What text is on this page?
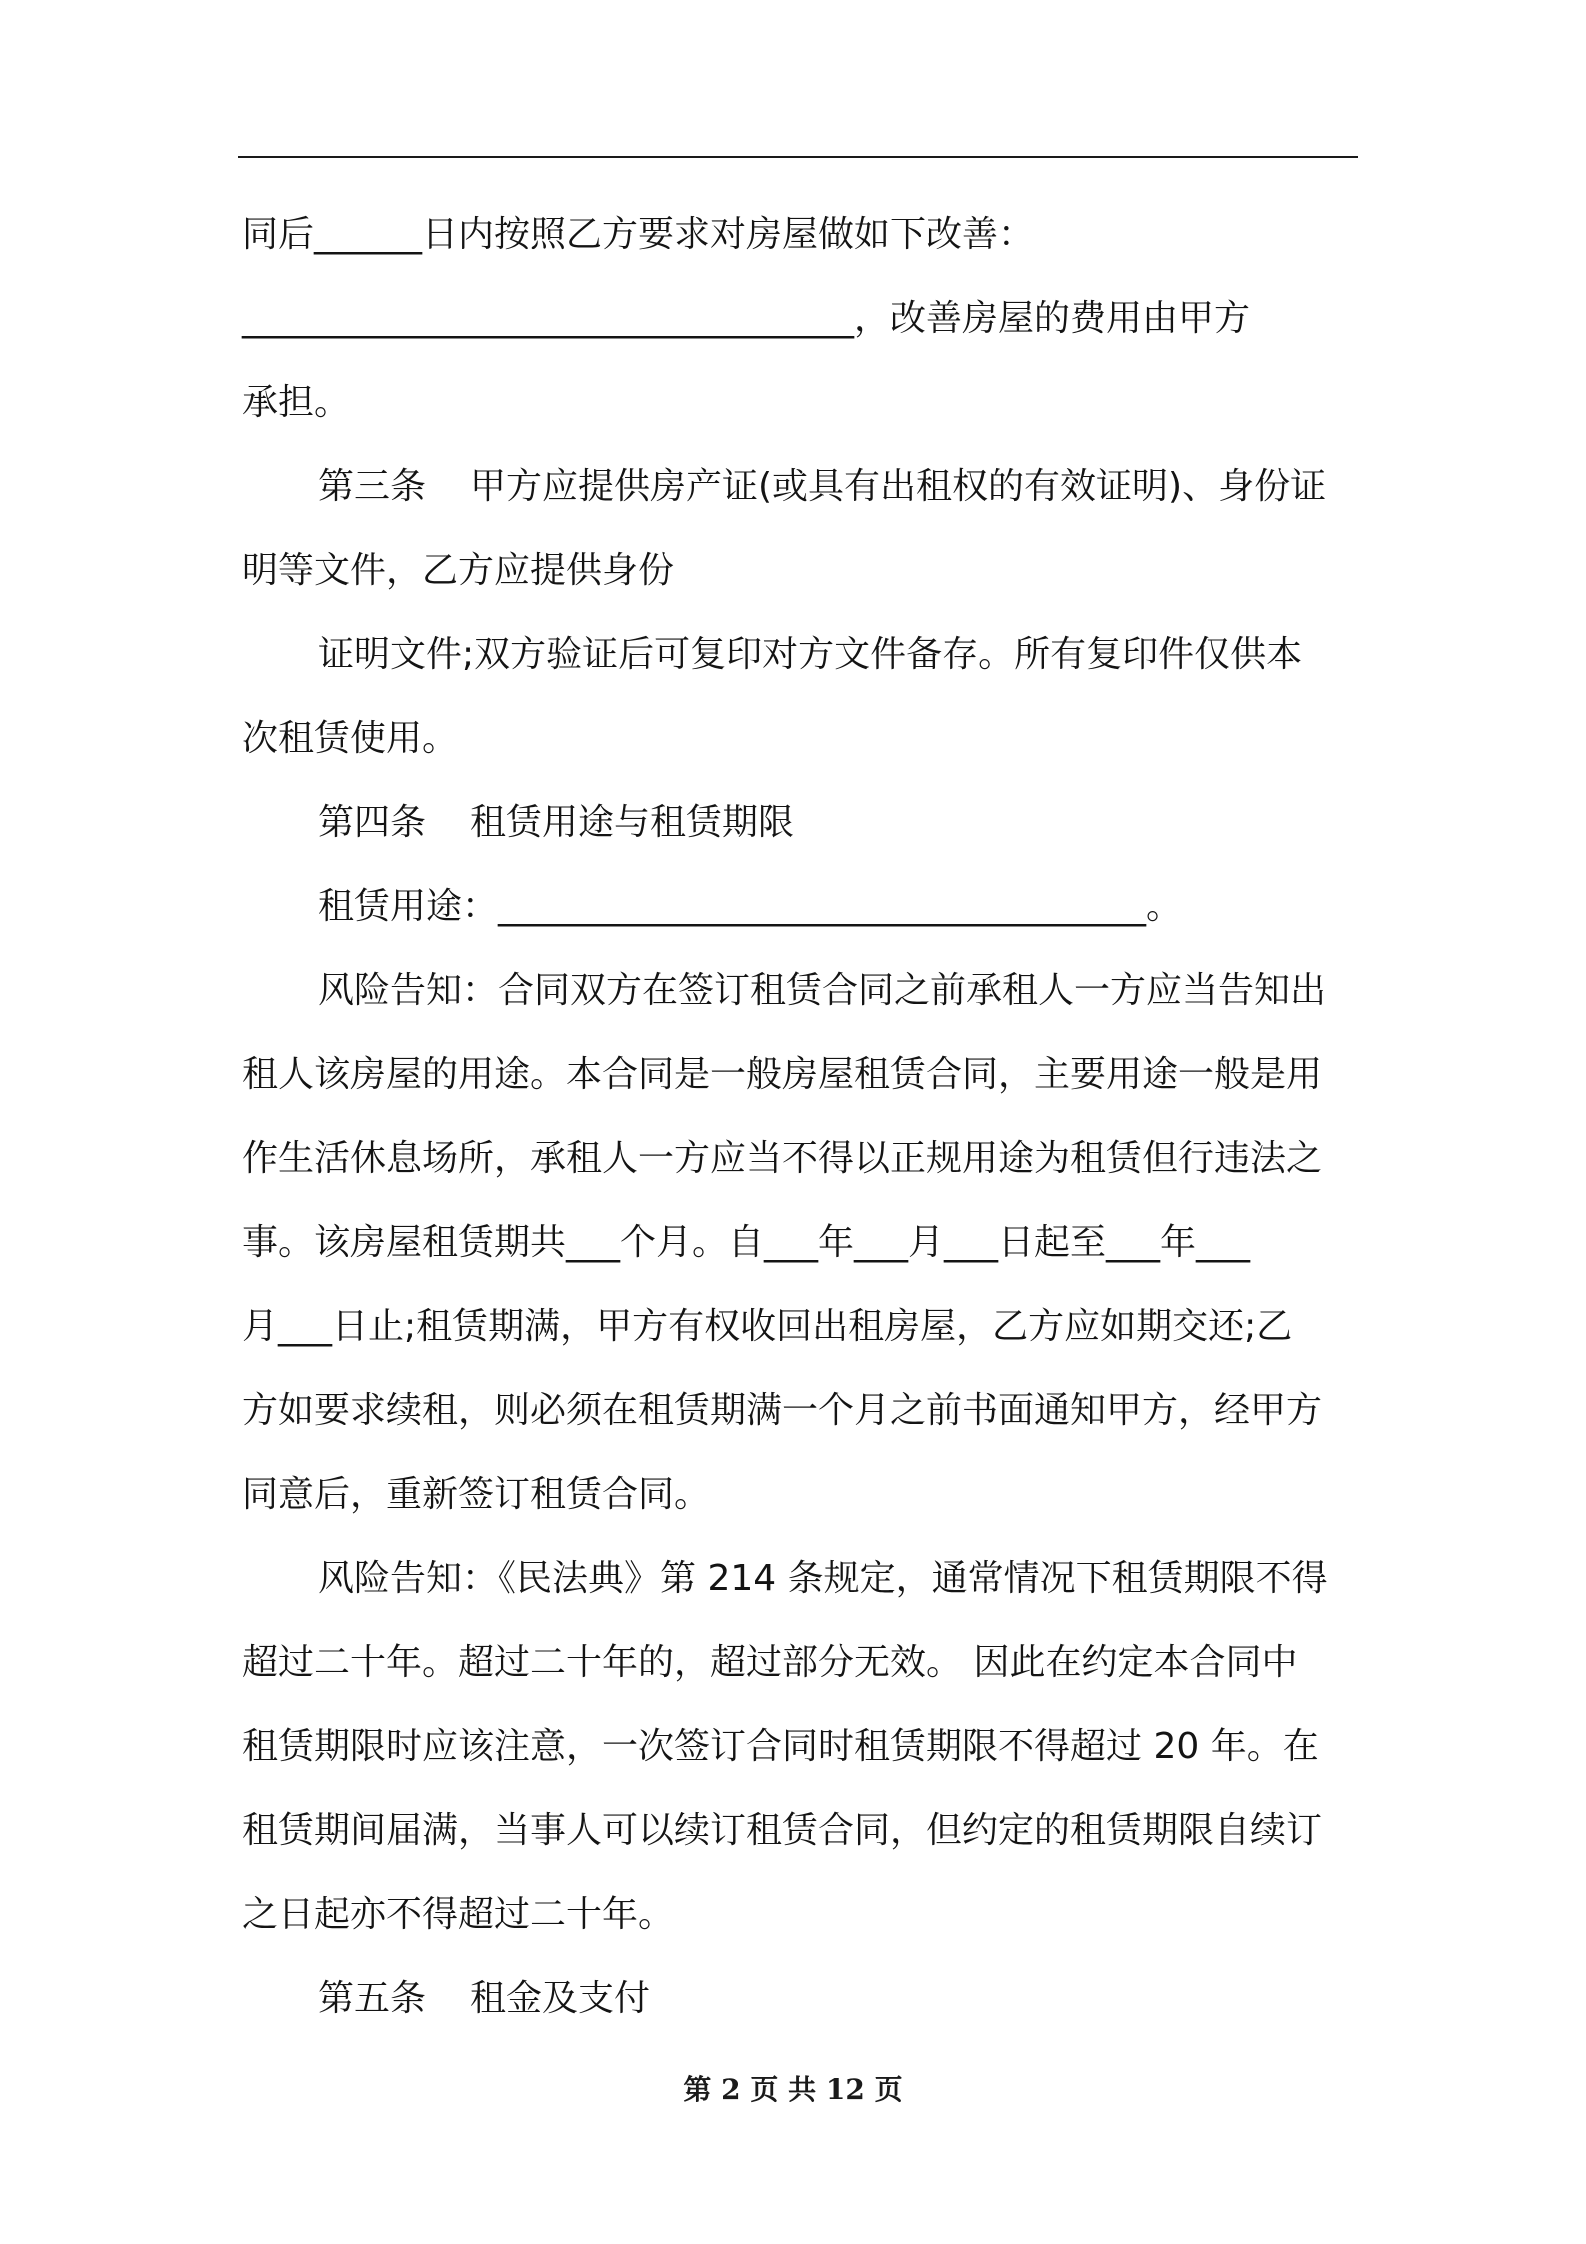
同后______日内按照乙方要求对房屋做如下改善：

__________________________________，改善房屋的费用由甲方

承担。

第三条 甲方应提供房产证(或具有出租权的有效证明)、身份证

明等文件，乙方应提供身份

证明文件;双方验证后可复印对方文件备存。所有复印件仅供本

次租赁使用。

第四条 租赁用途与租赁期限

租赁用途：____________________________________。

风险告知：合同双方在签订租赁合同之前承租人一方应当告知出

租人该房屋的用途。本合同是一般房屋租赁合同，主要用途一般是用

作生活休息场所，承租人一方应当不得以正规用途为租赁但行违法之

事。该房屋租赁期共___个月。自___年___月___日起至___年___

月___日止;租赁期满，甲方有权收回出租房屋，乙方应如期交还;乙

方如要求续租，则必须在租赁期满一个月之前书面通知甲方，经甲方

同意后，重新签订租赁合同。

风险告知：《民法典》第 214 条规定，通常情况下租赁期限不得

超过二十年。超过二十年的，超过部分无效。 因此在约定本合同中

租赁期限时应该注意，一次签订合同时租赁期限不得超过 20 年。在

租赁期间届满，当事人可以续订租赁合同，但约定的租赁期限自续订

之日起亦不得超过二十年。

第五条 租金及支付

第 2 页 共 12 页
